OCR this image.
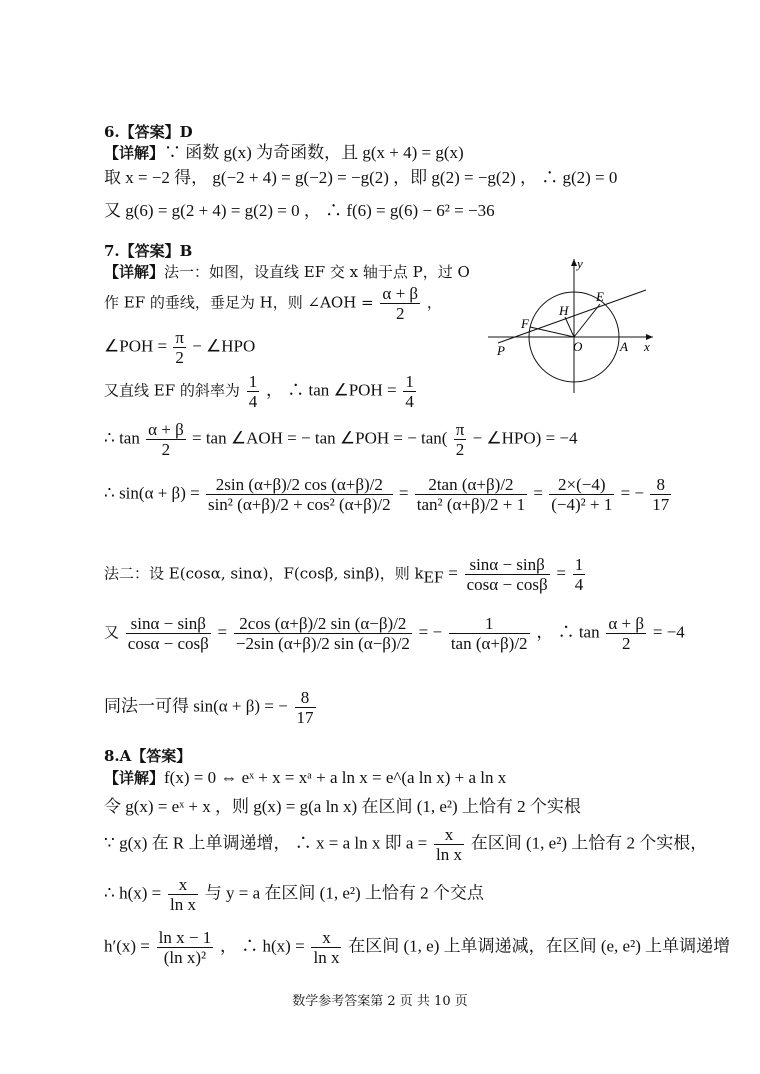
6.【答案】D
【详解】∵ 函数 g(x) 为奇函数，且 g(x + 4) = g(x)
取 x = −2 得， g(−2 + 4) = g(−2) = −g(2) ，即 g(2) = −g(2) ， ∴ g(2) = 0
又 g(6) = g(2 + 4) = g(2) = 0 ， ∴ f(6) = g(6) − 6² = −36
7.【答案】B
【详解】法一：如图，设直线 EF 交 x 轴于点 P，过 O
作 EF 的垂线，垂足为 H，则 ∠AOH = $\frac{\alpha + \beta}{2}$ ，
∠POH = $\frac{\pi}{2}$ − ∠HPO
又直线 EF 的斜率为 $\frac{1}{4}$ ， ∴ tan ∠POH = $\frac{1}{4}$
∴ $\tan \frac{\alpha + \beta}{2} = \tan$ ∠AOH = − tan ∠POH = − $\tan( \frac{\pi}{2}$ − ∠HPO) = −4
∴ $\sin(\alpha + \beta) = \frac{2\sin (\alpha+\beta)/2 \cos (\alpha+\beta)/2}{\text{sin² (α+β)/2 + cos² (α+β)/2}} = \frac{2\tan (\alpha+\beta)/2}{\text{tan² (α+β)/2 + 1}} = \frac{2\times(-4)}{\text{(−4)² + 1}}$ = − $\frac{8}{17}$
法二：设 E(cosα, sinα)，F(cosβ, sinβ)，则 $k_{EF} = \frac{\sin\alpha - \sin\beta}{\cos\alpha - \cos\beta} = \frac{1}{4}$
又 $\frac{\sin\alpha - \sin\beta}{\cos\alpha - \cos\beta} = \frac{2\cos (\alpha+\beta)/2 \sin (\alpha-\beta)/2}{-2\sin (\alpha+\beta)/2 \sin (\alpha-\beta)/2}$ = − $\frac{1}{\tan (\alpha+\beta)/2}$ ， ∴ $\tan \frac{\alpha + \beta}{2} = -4$
同法一可得 sin(α + β) = − $\frac{8}{17}$
y
E
H
F
P	O	A x
8.A【答案】
【详解】f(x) = 0 ⇔ eˣ + x = xᵃ + a ln x = e^(a ln x) + a ln x
令 g(x) = eˣ + x ，则 g(x) = g(a ln x) 在区间 (1, e²) 上恰有 2 个实根
∵ g(x) 在 R 上单调递增， ∴ x = a ln x 即 $a = \frac{x}{\text{ln x}}$ 在区间 (1, e²) 上恰有 2 个实根，
∴ $h(x) = \frac{x}{\text{ln x}}$ 与 y = a 在区间 (1, e²) 上恰有 2 个交点
$h'(x) = \frac{\text{ln x − 1}}{\text{(ln x)²}}$ ， ∴ $h(x) = \frac{x}{\text{ln x}}$ 在区间 (1, e) 上单调递减，在区间 (e, e²) 上单调递增
数学参考答案第 2 页 共 10 页
